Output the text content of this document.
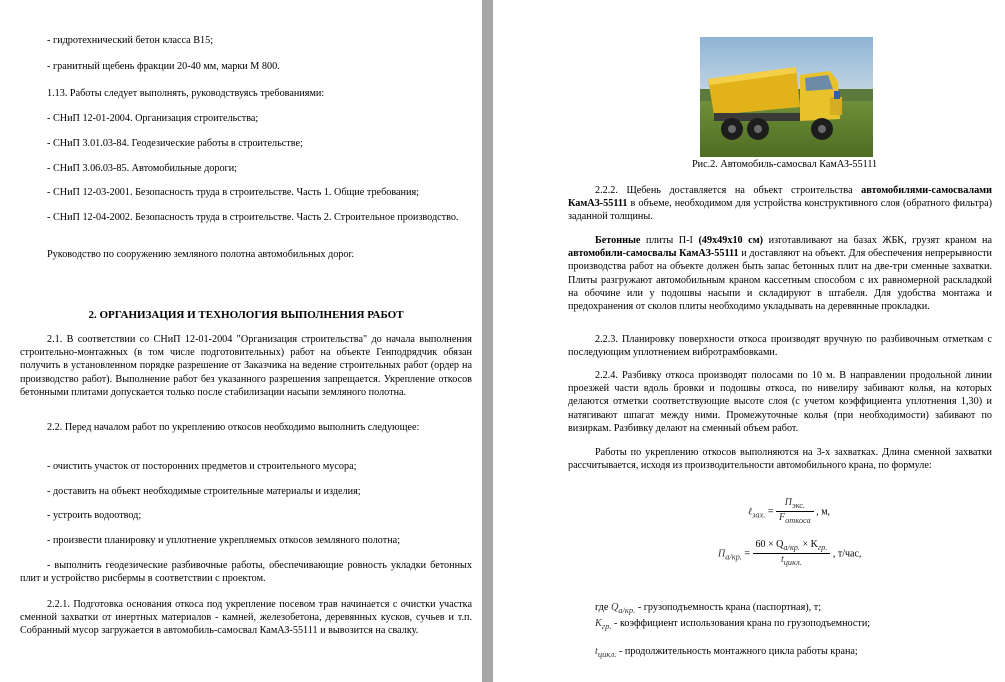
- гидротехнический бетон класса В15;

- гранитный щебень фракции 20-40 мм, марки М 800.

1.13. Работы следует выполнять, руководствуясь требованиями:

- СНиП 12-01-2004. Организация строительства;

- СНиП 3.01.03-84. Геодезические работы в строительстве;

- СНиП 3.06.03-85. Автомобильные дороги;

- СНиП 12-03-2001. Безопасность труда в строительстве. Часть 1. Общие требования;

- СНиП 12-04-2002. Безопасность труда в строительстве. Часть 2. Строительное производство.

Руководство по сооружению земляного полотна автомобильных дорог.

2. ОРГАНИЗАЦИЯ И ТЕХНОЛОГИЯ ВЫПОЛНЕНИЯ РАБОТ

2.1. В соответствии со СНиП 12-01-2004 "Организация строительства" до начала выполнения строительно-монтажных (в том числе подготовительных) работ на объекте Генподрядчик обязан получить в установленном порядке разрешение от Заказчика на ведение строительных работ (ордер на производство работ). Выполнение работ без указанного разрешения запрещается. Укрепление откосов бетонными плитами допускается только после стабилизации насыпи земляного полотна.

2.2. Перед началом работ по укреплению откосов необходимо выполнить следующее:

- очистить участок от посторонних предметов и строительного мусора;

- доставить на объект необходимые строительные материалы и изделия;

- устроить водоотвод;

- произвести планировку и уплотнение укрепляемых откосов земляного полотна;

- выполнить геодезические разбивочные работы, обеспечивающие ровность укладки бетонных плит и устройство рисбермы в соответствии с проектом.

2.2.1. Подготовка основания откоса под укрепление посевом трав начинается с очистки участка сменной захватки от инертных материалов - камней, железобетона, деревянных кусков, сучьев и т.п. Собранный мусор загружается в автомобиль-самосвал КамАЗ-55111 и вывозится на свалку.

Рис.2. Автомобиль-самосвал КамАЗ-55111

2.2.2. Щебень доставляется на объект строительства автомобилями-самосвалами КамАЗ-55111 в объеме, необходимом для устройства конструктивного слоя (обратного фильтра) заданной толщины.

Бетонные плиты П-I (49х49х10 см) изготавливают на базах ЖБК, грузят краном на автомобили-самосвалы КамАЗ-55111 и доставляют на объект. Для обеспечения непрерывности производства работ на объекте должен быть запас бетонных плит на две-три сменные захватки. Плиты разгружают автомобильным краном кассетным способом с их равномерной раскладкой на обочине или у подошвы насыпи и складируют в штабеля. Для удобства монтажа и предохранения от сколов плиты необходимо укладывать на деревянные прокладки.

2.2.3. Планировку поверхности откоса производят вручную по разбивочным отметкам с последующим уплотнением вибротрамбовками.

2.2.4. Разбивку откоса производят полосами по 10 м. В направлении продольной линии проезжей части вдоль бровки и подошвы откоса, по нивелиру забивают колья, на которых делаются отметки соответствующие высоте слоя (с учетом коэффициента уплотнения 1,30) и натягивают шпагат между ними. Промежуточные колья (при необходимости) забивают по визиркам. Разбивку делают на сменный объем работ.

Работы по укреплению откосов выполняются на 3-х захватках. Длина сменной захватки рассчитывается, исходя из производительности автомобильного крана, по формуле:

ℓ$_{зах.}$ = $\frac{П_{экс.}}{F_{откоса}}$ , м,
$П_{a/кр.} = \frac{60 \times Q_{a/кр.} \times K_{гр.}}{t_{цикл.}}$ , т/час,
где $Q_{a/кр.}$ - грузоподъемность крана (паспортная), т;
$K_{гр.}$ - коэффициент использования крана по грузоподъемности;
$t_{цикл.}$ - продолжительность монтажного цикла работы крана;
